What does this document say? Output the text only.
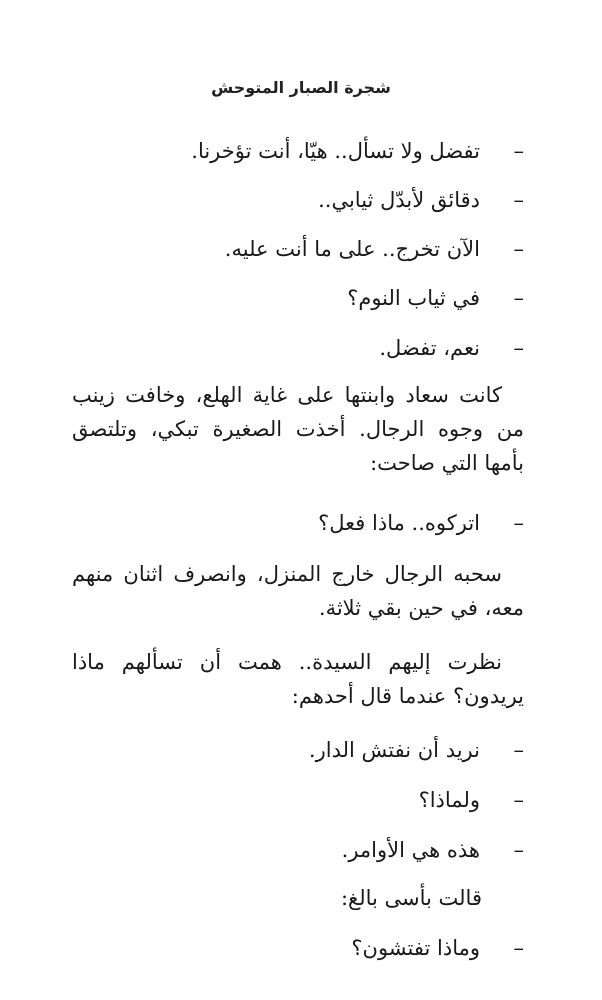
شجرة الصبار المتوحش
–تفضل ولا تسأل.. هيّا، أنت تؤخرنا.
–دقائق لأبدّل ثيابي..
–الآن تخرج.. على ما أنت عليه.
–في ثياب النوم؟
–نعم، تفضل.
كانت سعاد وابنتها على غاية الهلع، وخافت زينب من وجوه الرجال. أخذت الصغيرة تبكي، وتلتصق بأمها التي صاحت:
–اتركوه.. ماذا فعل؟
سحبه الرجال خارج المنزل، وانصرف اثنان منهم معه، في حين بقي ثلاثة.
نظرت إليهم السيدة.. همت أن تسألهم ماذا يريدون؟ عندما قال أحدهم:
–نريد أن نفتش الدار.
–ولماذا؟
–هذه هي الأوامر.
قالت بأسى بالغ:
–وماذا تفتشون؟
